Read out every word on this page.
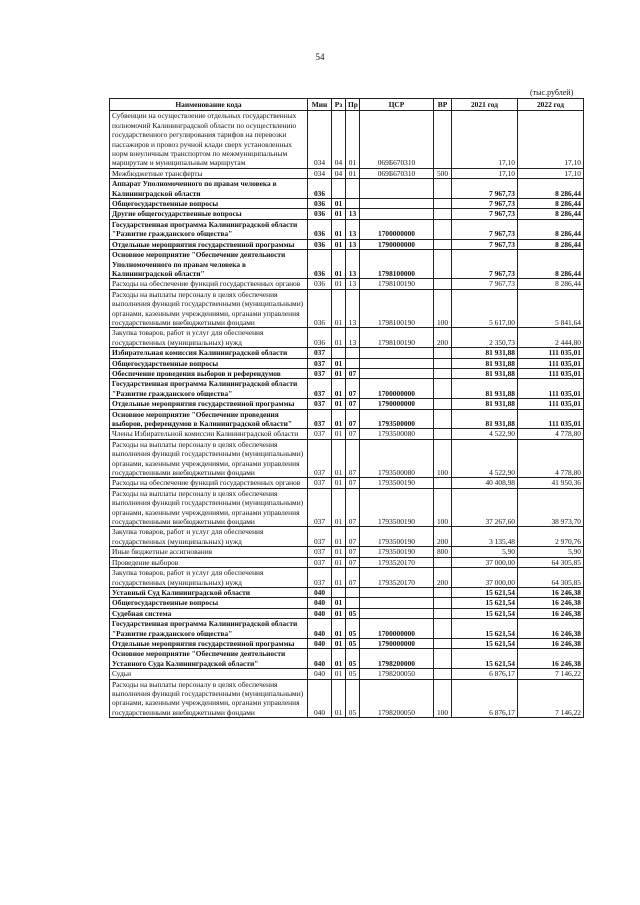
54
(тыс.рублей)
Наименование кода	Мин	Рз	Пр	ЦСР	ВР	2021 год	2022 год
Субвенции на осуществление отдельных государственных полномочий Калининградской области по осуществлению государственного регулирования тарифов на перевозки пассажиров и провоз ручной клади сверх установленных норм внеуличным транспортом по межмуниципальным маршрутам и муниципальным маршрутам	034	04	01	069Б670310		17,10	17,10
Межбюджетные трансферты	034	04	01	069Б670310	500	17,10	17,10
Аппарат Уполномоченного по правам человека в Калининградской области	036					7 967,73	8 286,44
Общегосударственные вопросы	036	01				7 967,73	8 286,44
Другие общегосударственные вопросы	036	01	13			7 967,73	8 286,44
Государственная программа Калининградской области "Развитие гражданского общества"	036	01	13	1700000000		7 967,73	8 286,44
Отдельные мероприятия государственной программы	036	01	13	1790000000		7 967,73	8 286,44
Основное мероприятие "Обеспечение деятельности Уполномоченного по правам человека в Калининградской области"	036	01	13	1798100000		7 967,73	8 286,44
Расходы на обеспечение функций государственных органов	036	01	13	1798100190		7 967,73	8 286,44
Расходы на выплаты персоналу в целях обеспечения выполнения функций государственными (муниципальными) органами, казенными учреждениями, органами управления государственными внебюджетными фондами	036	01	13	1798100190	100	5 617,00	5 841,64
Закупка товаров, работ и услуг для обеспечения государственных (муниципальных) нужд	036	01	13	1798100190	200	2 350,73	2 444,80
Избирательная комиссия Калининградской области	037					81 931,88	111 035,01
Общегосударственные вопросы	037	01				81 931,88	111 035,01
Обеспечение проведения выборов и референдумов	037	01	07			81 931,88	111 035,01
Государственная программа Калининградской области "Развитие гражданского общества"	037	01	07	1700000000		81 931,88	111 035,01
Отдельные мероприятия государственной программы	037	01	07	1790000000		81 931,88	111 035,01
Основное мероприятие "Обеспечение проведения выборов, референдумов в Калининградской области"	037	01	07	1793500000		81 931,88	111 035,01
Члены Избирательной комиссии Калининградской области	037	01	07	1793500080		4 522,90	4 778,80
Расходы на выплаты персоналу в целях обеспечения выполнения функций государственными (муниципальными) органами, казенными учреждениями, органами управления государственными внебюджетными фондами	037	01	07	1793500080	100	4 522,90	4 778,80
Расходы на обеспечение функций государственных органов	037	01	07	1793500190		40 408,98	41 950,36
Расходы на выплаты персоналу в целях обеспечения выполнения функций государственными (муниципальными) органами, казенными учреждениями, органами управления государственными внебюджетными фондами	037	01	07	1793500190	100	37 267,60	38 973,70
Закупка товаров, работ и услуг для обеспечения государственных (муниципальных) нужд	037	01	07	1793500190	200	3 135,48	2 970,76
Иные бюджетные ассигнования	037	01	07	1793500190	800	5,90	5,90
Проведение выборов	037	01	07	1793520170		37 000,00	64 305,85
Закупка товаров, работ и услуг для обеспечения государственных (муниципальных) нужд	037	01	07	1793520170	200	37 000,00	64 305,85
Уставный Суд Калининградской области	040					15 621,54	16 246,38
Общегосударственные вопросы	040	01				15 621,54	16 246,38
Судебная система	040	01	05			15 621,54	16 246,38
Государственная программа Калининградской области "Развитие гражданского общества"	040	01	05	1700000000		15 621,54	16 246,38
Отдельные мероприятия государственной программы	040	01	05	1790000000		15 621,54	16 246,38
Основное мероприятие "Обеспечение деятельности Уставного Суда Калининградской области"	040	01	05	1798200000		15 621,54	16 246,38
Судьи	040	01	05	1798200050		6 876,17	7 146,22
Расходы на выплаты персоналу в целях обеспечения выполнения функций государственными (муниципальными) органами, казенными учреждениями, органами управления государственными внебюджетными фондами	040	01	05	1798200050	100	6 876,17	7 146,22
